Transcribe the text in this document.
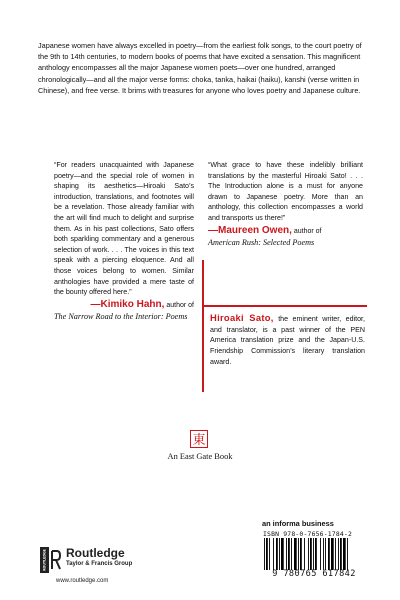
Japanese women have always excelled in poetry—from the earliest folk songs, to the court poetry of the 9th to 14th centuries, to modern books of poems that have excited a sensation. This magnificent anthology encompasses all the major Japanese women poets—over one hundred, arranged chronologically—and all the major verse forms: choka, tanka, haikai (haiku), kanshi (verse written in Chinese), and free verse. It brims with treasures for anyone who loves poetry and Japanese culture.
“For readers unacquainted with Japanese poetry—and the special role of women in shaping its aesthetics—Hiroaki Sato’s introduction, translations, and footnotes will be a revelation. Those already familiar with the art will find much to delight and surprise them. As in his past collections, Sato offers both sparkling commentary and a generous selection of work. . . . The voices in this text speak with a piercing eloquence. And all those voices belong to women. Similar anthologies have provided a mere taste of the bounty offered here.”
—Kimiko Hahn, author of
The Narrow Road to the Interior: Poems
“What grace to have these indelibly brilliant translations by the masterful Hiroaki Sato! . . . The Introduction alone is a must for anyone drawn to Japanese poetry. More than an anthology, this collection encompasses a world and transports us there!”
—Maureen Owen, author of
American Rush: Selected Poems
Hiroaki Sato, the eminent writer, editor, and translator, is a past winner of the PEN America translation prize and the Japan-U.S. Friendship Commission’s literary translation award.
東
An East Gate Book
an informa business
ISBN 978-0-7656-1784-2
9 780765 617842
ROUTLEDGE Routledge
Taylor & Francis Group
www.routledge.com
